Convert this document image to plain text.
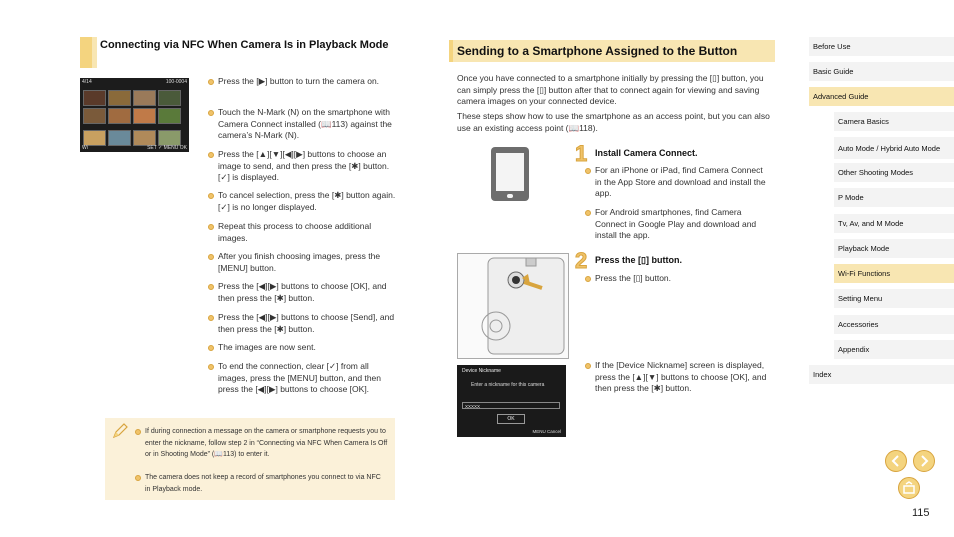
Connecting via NFC When Camera Is in Playback Mode
4/14	100-0004
Wi	SET ✓ MENU OK
Press the [▶] button to turn the camera on.
Touch the N-Mark (N) on the smartphone with Camera Connect installed (📖113) against the camera’s N-Mark (N).
Press the [▲][▼][◀][▶] buttons to choose an image to send, and then press the [✱] button. [✓] is displayed.
To cancel selection, press the [✱] button again. [✓] is no longer displayed.
Repeat this process to choose additional images.
After you finish choosing images, press the [MENU] button.
Press the [◀][▶] buttons to choose [OK], and then press the [✱] button.
Press the [◀][▶] buttons to choose [Send], and then press the [✱] button.
The images are now sent.
To end the connection, clear [✓] from all images, press the [MENU] button, and then press the [◀][▶] buttons to choose [OK].
If during connection a message on the camera or smartphone requests you to enter the nickname, follow step 2 in “Connecting via NFC When Camera Is Off or in Shooting Mode” (📖113) to enter it.
The camera does not keep a record of smartphones you connect to via NFC in Playback mode.
Sending to a Smartphone Assigned to the Button
Once you have connected to a smartphone initially by pressing the [▯] button, you can simply press the [▯] button after that to connect again for viewing and saving camera images on your connected device.
These steps show how to use the smartphone as an access point, but you can also use an existing access point (📖118).
1 Install Camera Connect.
For an iPhone or iPad, find Camera Connect in the App Store and download and install the app.
For Android smartphones, find Camera Connect in Google Play and download and install the app.
2 Press the [▯] button.
Press the [▯] button.
If the [Device Nickname] screen is displayed, press the [▲][▼] buttons to choose [OK], and then press the [✱] button.
Device Nickname
Enter a nickname for this camera
XXXXX
OK
MENU Cancel
Before Use
Basic Guide
Advanced Guide
Camera Basics
Auto Mode / Hybrid Auto Mode
Other Shooting Modes
P Mode
Tv, Av, and M Mode
Playback Mode
Wi-Fi Functions
Setting Menu
Accessories
Appendix
Index
115
